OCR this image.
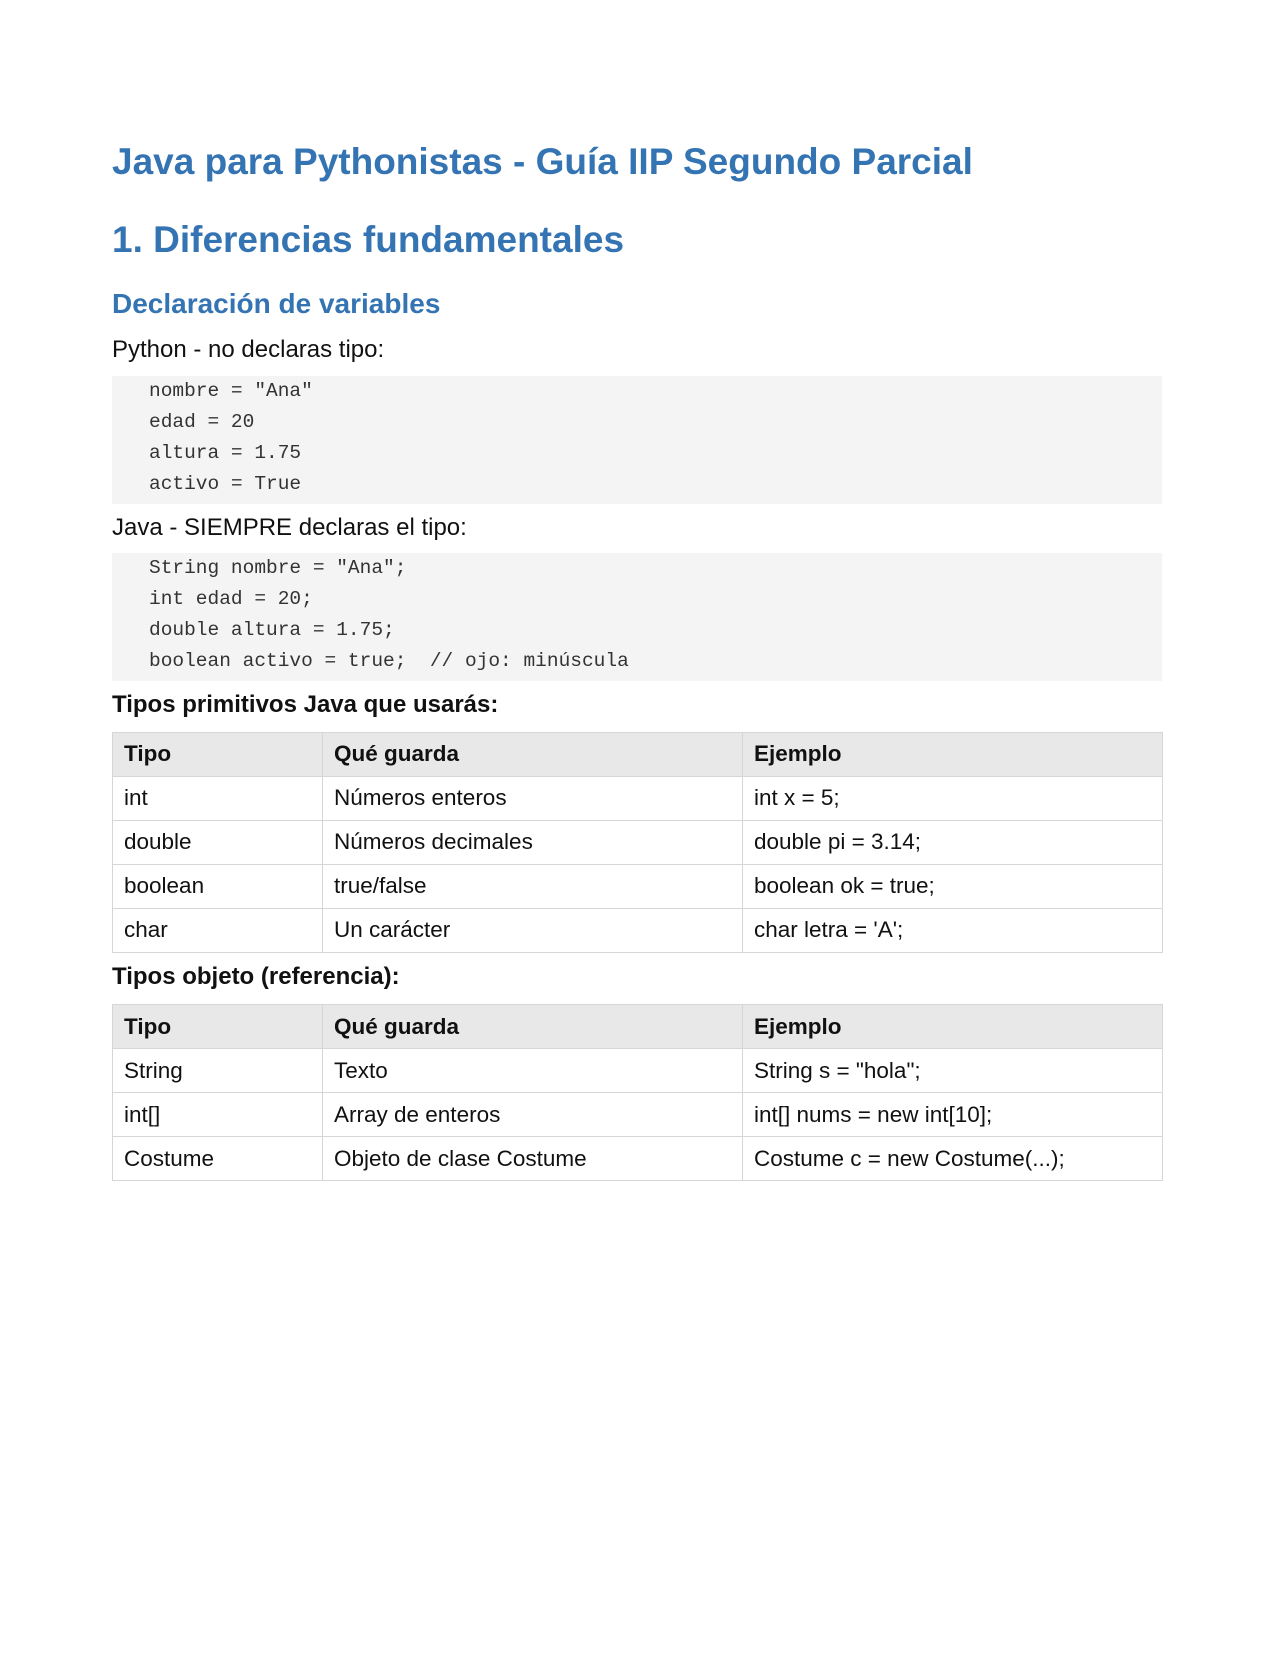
Java para Pythonistas - Guía IIP Segundo Parcial
1. Diferencias fundamentales
Declaración de variables

Python - no declaras tipo:

nombre = "Ana"
edad = 20
altura = 1.75
activo = True

Java - SIEMPRE declaras el tipo:

String nombre = "Ana";
int edad = 20;
double altura = 1.75;
boolean activo = true;  // ojo: minúscula

Tipos primitivos Java que usarás:

Tipo	Qué guarda	Ejemplo
int	Números enteros	int x = 5;
double	Números decimales	double pi = 3.14;
boolean	true/false	boolean ok = true;
char	Un carácter	char letra = 'A';

Tipos objeto (referencia):

Tipo	Qué guarda	Ejemplo
String	Texto	String s = "hola";
int[]	Array de enteros	int[] nums = new int[10];
Costume	Objeto de clase Costume	Costume c = new Costume(...);
